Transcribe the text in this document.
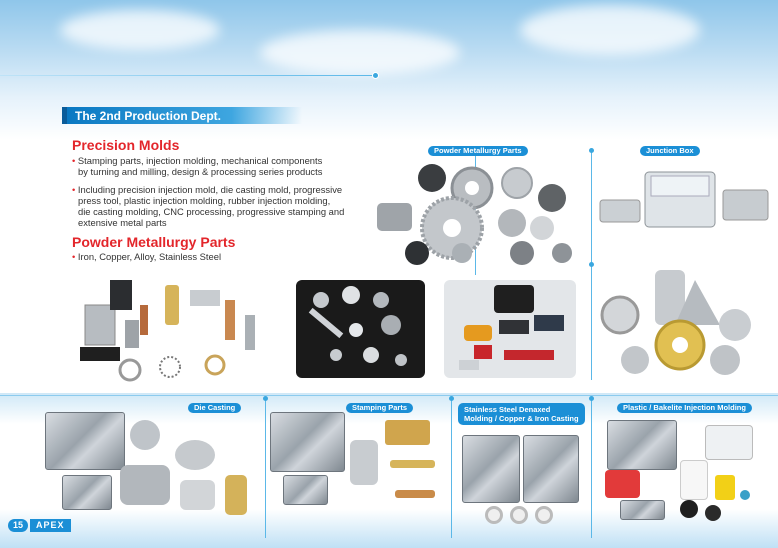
The 2nd Production Dept.
Precision Molds
• Stamping parts, injection molding, mechanical components
by turning and milling, design & processing series products
• Including precision injection mold, die casting mold, progressive
press tool, plastic injection molding, rubber injection molding,
die casting molding, CNC processing, progressive stamping and
extensive metal parts
Powder Metallurgy Parts
• Iron, Copper, Alloy, Stainless Steel
Powder Metallurgy Parts	Junction Box
Die Casting	Stamping Parts	Stainless Steel Denaxed
Molding / Copper & Iron Casting
Plastic / Bakelite Injection Molding
15	APEX
